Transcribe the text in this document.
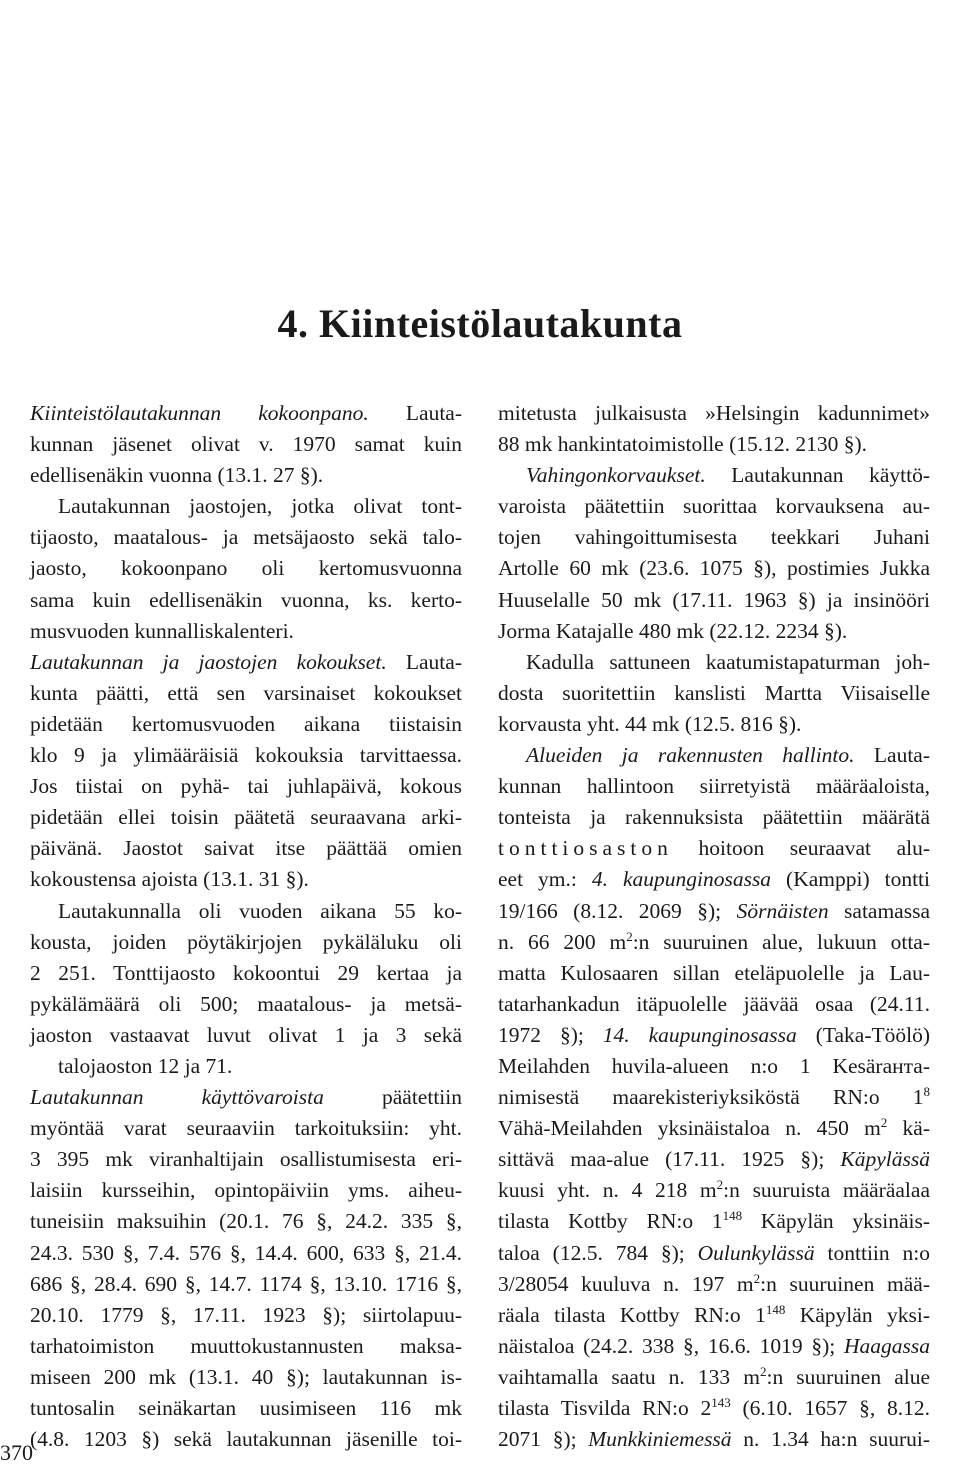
4. Kiinteistölautakunta
Kiinteistölautakunnan kokoonpano. Lauta-
kunnan jäsenet olivat v. 1970 samat kuin
edellisenäkin vuonna (13.1. 27 §).
Lautakunnan jaostojen, jotka olivat tont-
tijaosto, maatalous- ja metsäjaosto sekä talo-
jaosto, kokoonpano oli kertomusvuonna
sama kuin edellisenäkin vuonna, ks. kerto-
musvuoden kunnalliskalenteri.
Lautakunnan ja jaostojen kokoukset. Lauta-
kunta päätti, että sen varsinaiset kokoukset
pidetään kertomusvuoden aikana tiistaisin
klo 9 ja ylimääräisiä kokouksia tarvittaessa.
Jos tiistai on pyhä- tai juhlapäivä, kokous
pidetään ellei toisin päätetä seuraavana arki-
päivänä. Jaostot saivat itse päättää omien
kokoustensa ajoista (13.1. 31 §).
Lautakunnalla oli vuoden aikana 55 ko-
kousta, joiden pöytäkirjojen pykäläluku oli
2 251. Tonttijaosto kokoontui 29 kertaa ja
pykälämäärä oli 500; maatalous- ja metsä-
jaoston vastaavat luvut olivat 1 ja 3 sekä
talojaoston 12 ja 71.
Lautakunnan käyttövaroista päätettiin
myöntää varat seuraaviin tarkoituksiin: yht.
3 395 mk viranhaltijain osallistumisesta eri-
laisiin kursseihin, opintopäiviin yms. aiheu-
tuneisiin maksuihin (20.1. 76 §, 24.2. 335 §,
24.3. 530 §, 7.4. 576 §, 14.4. 600, 633 §, 21.4.
686 §, 28.4. 690 §, 14.7. 1174 §, 13.10. 1716 §,
20.10. 1779 §, 17.11. 1923 §); siirtolapuu-
tarhatoimiston muuttokustannusten maksa-
miseen 200 mk (13.1. 40 §); lautakunnan is-
tuntosalin seinäkartan uusimiseen 116 mk
(4.8. 1203 §) sekä lautakunnan jäsenille toi-
mitetusta julkaisusta »Helsingin kadunnimet»
88 mk hankintatoimistolle (15.12. 2130 §).
Vahingonkorvaukset. Lautakunnan käyttö-
varoista päätettiin suorittaa korvauksena au-
tojen vahingoittumisesta teekkari Juhani
Artolle 60 mk (23.6. 1075 §), postimies Jukka
Huuselalle 50 mk (17.11. 1963 §) ja insinööri
Jorma Katajalle 480 mk (22.12. 2234 §).
Kadulla sattuneen kaatumistapaturman joh-
dosta suoritettiin kanslisti Martta Viisaiselle
korvausta yht. 44 mk (12.5. 816 §).
Alueiden ja rakennusten hallinto. Lauta-
kunnan hallintoon siirretyistä määräaloista,
tonteista ja rakennuksista päätettiin määrätä
tonttiosaston hoitoon seuraavat alu-
eet ym.: 4. kaupunginosassa (Kamppi) tontti
19/166 (8.12. 2069 §); Sörnäisten satamassa
n. 66 200 $m^2:n$ suuruinen alue, lukuun otta-
matta Kulosaaren sillan eteläpuolelle ja Lau-
tatarhankadun itäpuolelle jäävää osaa (24.11.
1972 §); 14. kaupunginosassa (Taka-Töölö)
Meilahden huvila-alueen n:o 1 Kesärанта-
nimisestä maarekisteriyksiköstä RN:o $1^8$
Vähä-Meilahden yksinäistaloa n. 450 $m^2$ kä-
sittävä maa-alue (17.11. 1925 §); Käpylässä
kuusi yht. n. 4 218 $m^2:n$ suuruista määräalaa
tilasta Kottby RN:o $1^{148}$ Käpylän yksinäis-
taloa (12.5. 784 §); Oulunkylässä tonttiin n:o
3/28054 kuuluva n. 197 $m^2:n$ suuruinen mää-
räala tilasta Kottby RN:o $1^{148}$ Käpylän yksi-
näistaloa (24.2. 338 §, 16.6. 1019 §); Haagassa
vaihtamalla saatu n. 133 $m^2:n$ suuruinen alue
tilasta Tisvilda RN:o $2^{143}$ (6.10. 1657 §, 8.12.
2071 §); Munkkiniemessä n. 1.34 ha:n suurui-
370
